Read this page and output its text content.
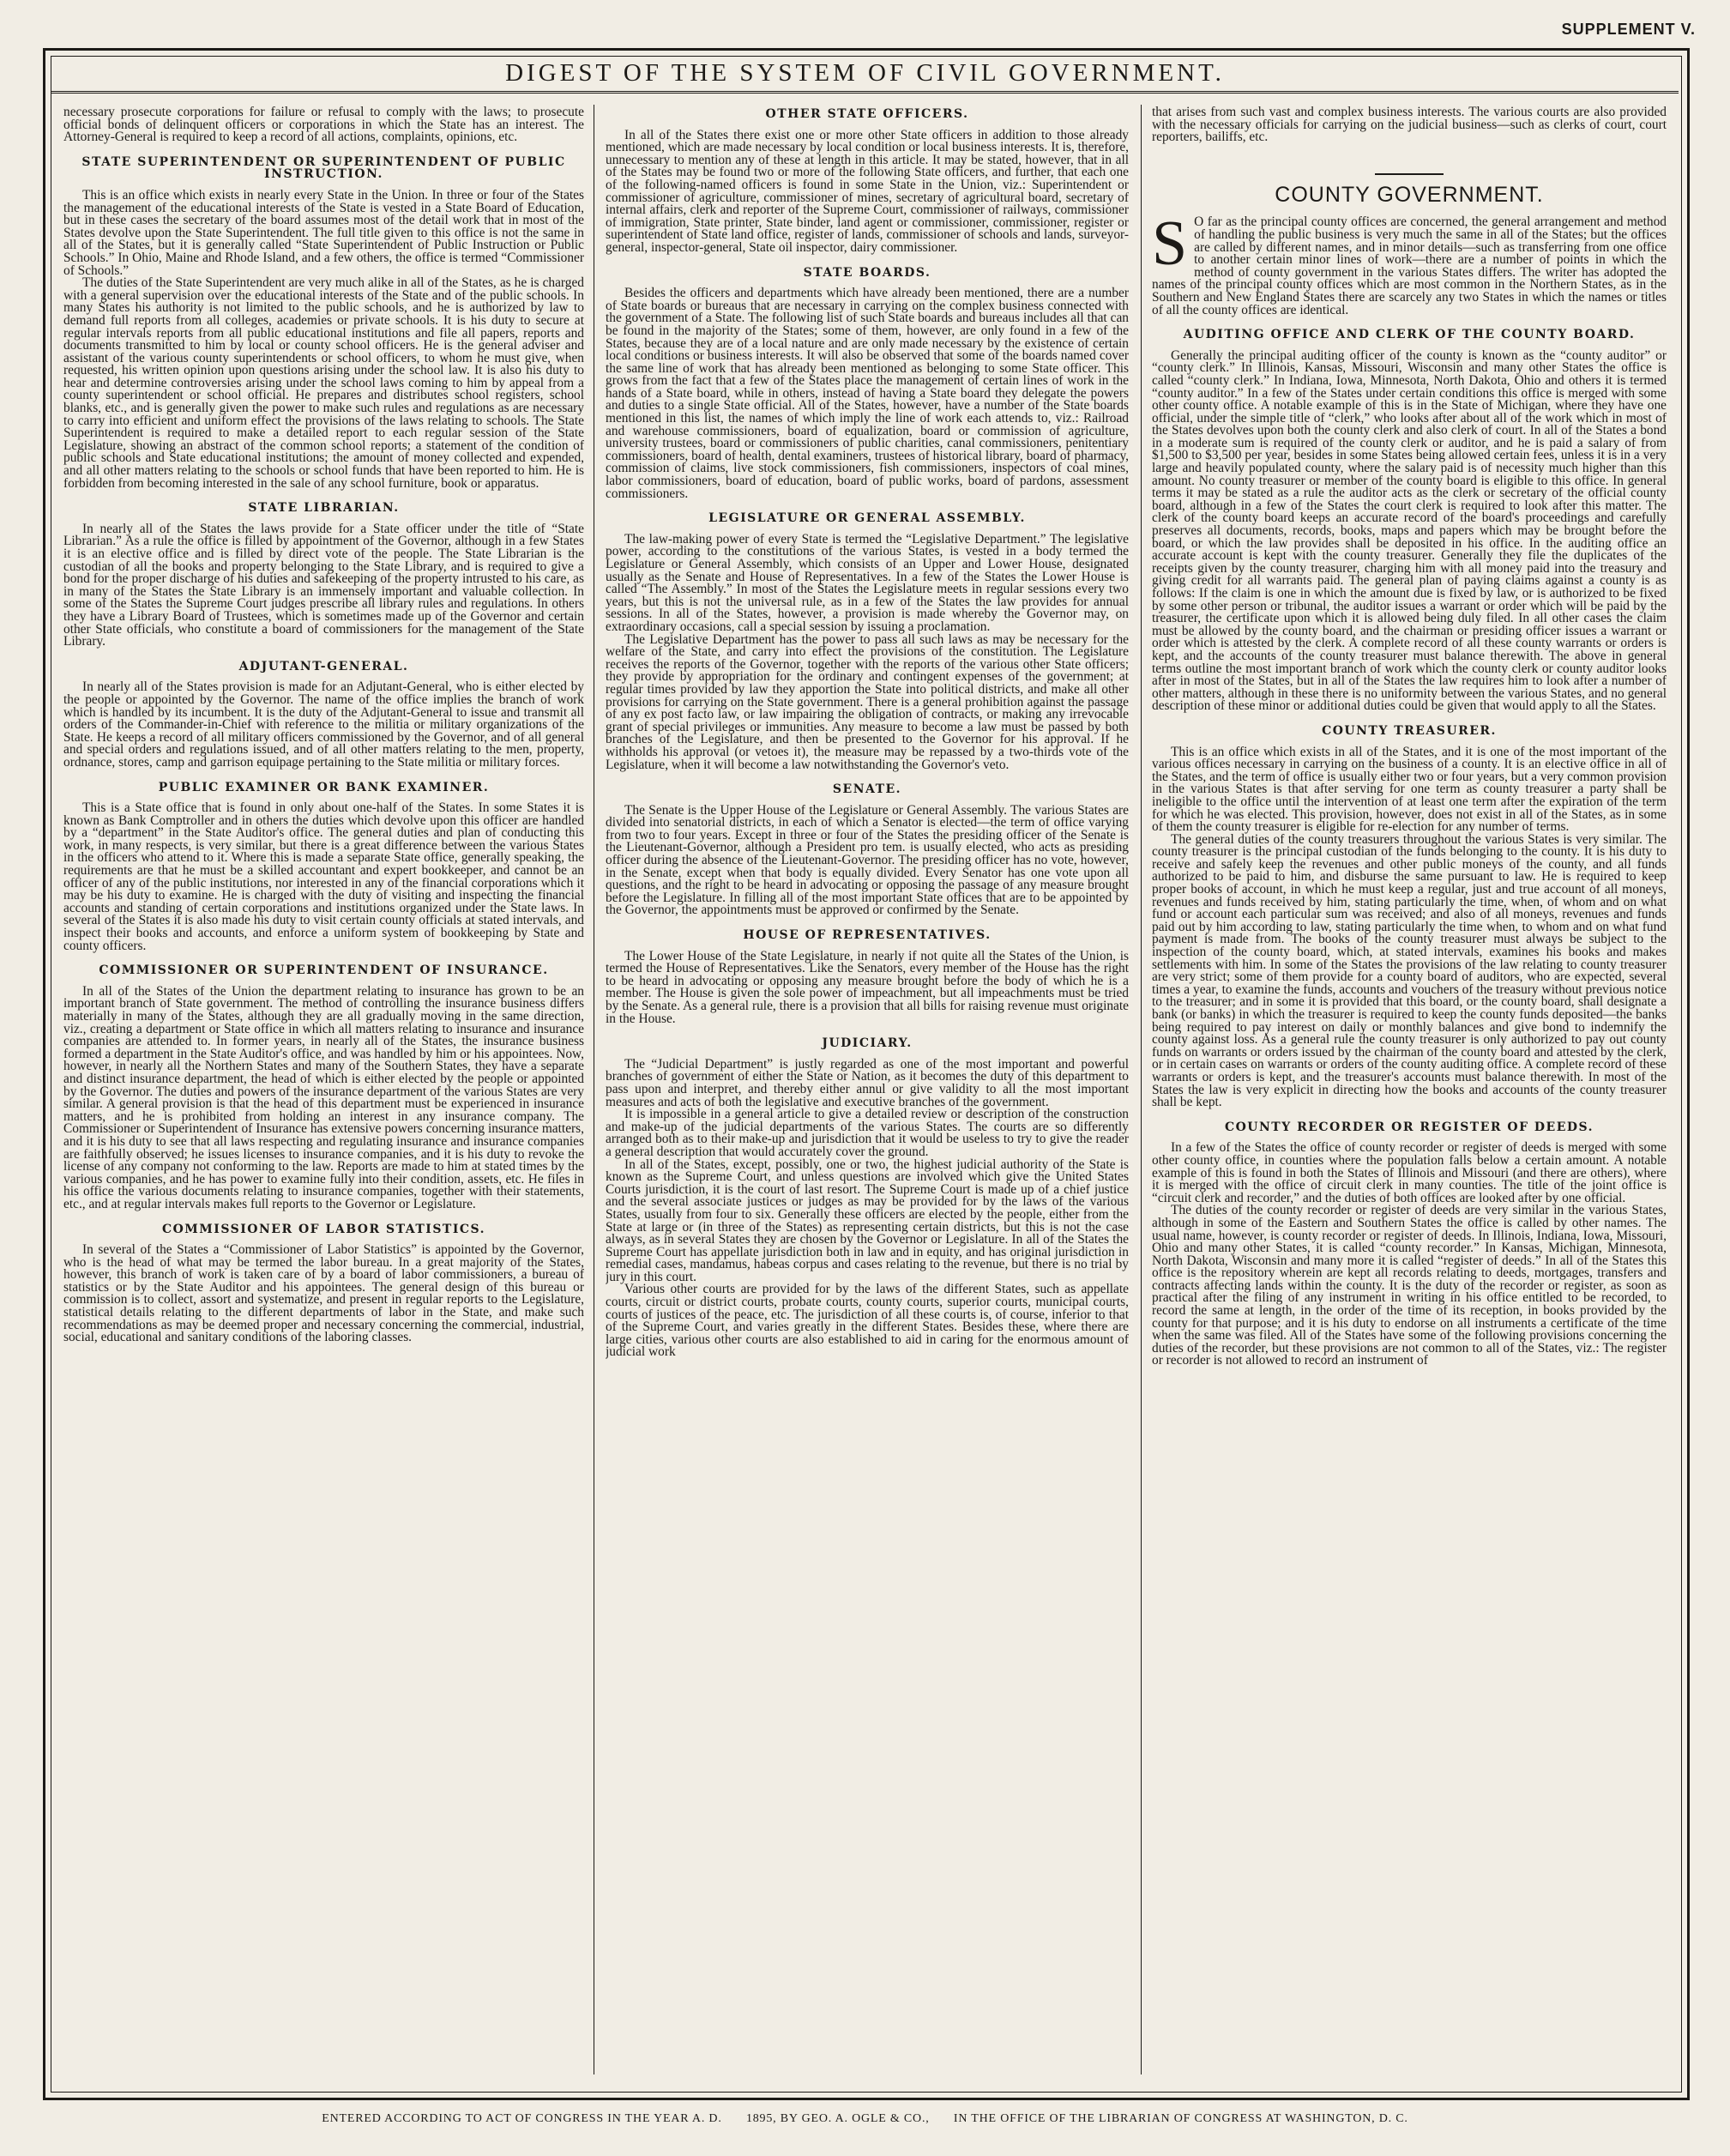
SUPPLEMENT V.
DIGEST OF THE SYSTEM OF CIVIL GOVERNMENT.

necessary prosecute corporations for failure or refusal to comply with the laws; to prosecute official bonds of delinquent officers or corporations in which the State has an interest. The Attorney-General is required to keep a record of all actions, complaints, opinions, etc.

STATE SUPERINTENDENT OR SUPERINTENDENT OF PUBLIC INSTRUCTION.

This is an office which exists in nearly every State in the Union. In three or four of the States the management of the educational interests of the State is vested in a State Board of Education, but in these cases the secretary of the board assumes most of the detail work that in most of the States devolve upon the State Superintendent. The full title given to this office is not the same in all of the States, but it is generally called “State Superintendent of Public Instruction or Public Schools.” In Ohio, Maine and Rhode Island, and a few others, the office is termed “Commissioner of Schools.”

The duties of the State Superintendent are very much alike in all of the States, as he is charged with a general supervision over the educational interests of the State and of the public schools. In many States his authority is not limited to the public schools, and he is authorized by law to demand full reports from all colleges, academies or private schools. It is his duty to secure at regular intervals reports from all public educational institutions and file all papers, reports and documents transmitted to him by local or county school officers. He is the general adviser and assistant of the various county superintendents or school officers, to whom he must give, when requested, his written opinion upon questions arising under the school law. It is also his duty to hear and determine controversies arising under the school laws coming to him by appeal from a county superintendent or school official. He prepares and distributes school registers, school blanks, etc., and is generally given the power to make such rules and regulations as are necessary to carry into efficient and uniform effect the provisions of the laws relating to schools. The State Superintendent is required to make a detailed report to each regular session of the State Legislature, showing an abstract of the common school reports; a statement of the condition of public schools and State educational institutions; the amount of money collected and expended, and all other matters relating to the schools or school funds that have been reported to him. He is forbidden from becoming interested in the sale of any school furniture, book or apparatus.

STATE LIBRARIAN.

In nearly all of the States the laws provide for a State officer under the title of “State Librarian.” As a rule the office is filled by appointment of the Governor, although in a few States it is an elective office and is filled by direct vote of the people. The State Librarian is the custodian of all the books and property belonging to the State Library, and is required to give a bond for the proper discharge of his duties and safekeeping of the property intrusted to his care, as in many of the States the State Library is an immensely important and valuable collection. In some of the States the Supreme Court judges prescribe all library rules and regulations. In others they have a Library Board of Trustees, which is sometimes made up of the Governor and certain other State officials, who constitute a board of commissioners for the management of the State Library.

ADJUTANT-GENERAL.

In nearly all of the States provision is made for an Adjutant-General, who is either elected by the people or appointed by the Governor. The name of the office implies the branch of work which is handled by its incumbent. It is the duty of the Adjutant-General to issue and transmit all orders of the Commander-in-Chief with reference to the militia or military organizations of the State. He keeps a record of all military officers commissioned by the Governor, and of all general and special orders and regulations issued, and of all other matters relating to the men, property, ordnance, stores, camp and garrison equipage pertaining to the State militia or military forces.

PUBLIC EXAMINER OR BANK EXAMINER.

This is a State office that is found in only about one-half of the States. In some States it is known as Bank Comptroller and in others the duties which devolve upon this officer are handled by a “department” in the State Auditor's office. The general duties and plan of conducting this work, in many respects, is very similar, but there is a great difference between the various States in the officers who attend to it. Where this is made a separate State office, generally speaking, the requirements are that he must be a skilled accountant and expert bookkeeper, and cannot be an officer of any of the public institutions, nor interested in any of the financial corporations which it may be his duty to examine. He is charged with the duty of visiting and inspecting the financial accounts and standing of certain corporations and institutions organized under the State laws. In several of the States it is also made his duty to visit certain county officials at stated intervals, and inspect their books and accounts, and enforce a uniform system of bookkeeping by State and county officers.

COMMISSIONER OR SUPERINTENDENT OF INSURANCE.

In all of the States of the Union the department relating to insurance has grown to be an important branch of State government. The method of controlling the insurance business differs materially in many of the States, although they are all gradually moving in the same direction, viz., creating a department or State office in which all matters relating to insurance and insurance companies are attended to. In former years, in nearly all of the States, the insurance business formed a department in the State Auditor's office, and was handled by him or his appointees. Now, however, in nearly all the Northern States and many of the Southern States, they have a separate and distinct insurance department, the head of which is either elected by the people or appointed by the Governor. The duties and powers of the insurance department of the various States are very similar. A general provision is that the head of this department must be experienced in insurance matters, and he is prohibited from holding an interest in any insurance company. The Commissioner or Superintendent of Insurance has extensive powers concerning insurance matters, and it is his duty to see that all laws respecting and regulating insurance and insurance companies are faithfully observed; he issues licenses to insurance companies, and it is his duty to revoke the license of any company not conforming to the law. Reports are made to him at stated times by the various companies, and he has power to examine fully into their condition, assets, etc. He files in his office the various documents relating to insurance companies, together with their statements, etc., and at regular intervals makes full reports to the Governor or Legislature.

COMMISSIONER OF LABOR STATISTICS.

In several of the States a “Commissioner of Labor Statistics” is appointed by the Governor, who is the head of what may be termed the labor bureau. In a great majority of the States, however, this branch of work is taken care of by a board of labor commissioners, a bureau of statistics or by the State Auditor and his appointees. The general design of this bureau or commission is to collect, assort and systematize, and present in regular reports to the Legislature, statistical details relating to the different departments of labor in the State, and make such recommendations as may be deemed proper and necessary concerning the commercial, industrial, social, educational and sanitary conditions of the laboring classes.

OTHER STATE OFFICERS.

In all of the States there exist one or more other State officers in addition to those already mentioned, which are made necessary by local condition or local business interests. It is, therefore, unnecessary to mention any of these at length in this article. It may be stated, however, that in all of the States may be found two or more of the following State officers, and further, that each one of the following-named officers is found in some State in the Union, viz.: Superintendent or commissioner of agriculture, commissioner of mines, secretary of agricultural board, secretary of internal affairs, clerk and reporter of the Supreme Court, commissioner of railways, commissioner of immigration, State printer, State binder, land agent or commissioner, commissioner, register or superintendent of State land office, register of lands, commissioner of schools and lands, surveyor-general, inspector-general, State oil inspector, dairy commissioner.

STATE BOARDS.

Besides the officers and departments which have already been mentioned, there are a number of State boards or bureaus that are necessary in carrying on the complex business connected with the government of a State. The following list of such State boards and bureaus includes all that can be found in the majority of the States; some of them, however, are only found in a few of the States, because they are of a local nature and are only made necessary by the existence of certain local conditions or business interests. It will also be observed that some of the boards named cover the same line of work that has already been mentioned as belonging to some State officer. This grows from the fact that a few of the States place the management of certain lines of work in the hands of a State board, while in others, instead of having a State board they delegate the powers and duties to a single State official. All of the States, however, have a number of the State boards mentioned in this list, the names of which imply the line of work each attends to, viz.: Railroad and warehouse commissioners, board of equalization, board or commission of agriculture, university trustees, board or commissioners of public charities, canal commissioners, penitentiary commissioners, board of health, dental examiners, trustees of historical library, board of pharmacy, commission of claims, live stock commissioners, fish commissioners, inspectors of coal mines, labor commissioners, board of education, board of public works, board of pardons, assessment commissioners.

LEGISLATURE OR GENERAL ASSEMBLY.

The law-making power of every State is termed the “Legislative Department.” The legislative power, according to the constitutions of the various States, is vested in a body termed the Legislature or General Assembly, which consists of an Upper and Lower House, designated usually as the Senate and House of Representatives. In a few of the States the Lower House is called “The Assembly.” In most of the States the Legislature meets in regular sessions every two years, but this is not the universal rule, as in a few of the States the law provides for annual sessions. In all of the States, however, a provision is made whereby the Governor may, on extraordinary occasions, call a special session by issuing a proclamation.

The Legislative Department has the power to pass all such laws as may be necessary for the welfare of the State, and carry into effect the provisions of the constitution. The Legislature receives the reports of the Governor, together with the reports of the various other State officers; they provide by appropriation for the ordinary and contingent expenses of the government; at regular times provided by law they apportion the State into political districts, and make all other provisions for carrying on the State government. There is a general prohibition against the passage of any ex post facto law, or law impairing the obligation of contracts, or making any irrevocable grant of special privileges or immunities. Any measure to become a law must be passed by both branches of the Legislature, and then be presented to the Governor for his approval. If he withholds his approval (or vetoes it), the measure may be repassed by a two-thirds vote of the Legislature, when it will become a law notwithstanding the Governor's veto.

SENATE.

The Senate is the Upper House of the Legislature or General Assembly. The various States are divided into senatorial districts, in each of which a Senator is elected—the term of office varying from two to four years. Except in three or four of the States the presiding officer of the Senate is the Lieutenant-Governor, although a President pro tem. is usually elected, who acts as presiding officer during the absence of the Lieutenant-Governor. The presiding officer has no vote, however, in the Senate, except when that body is equally divided. Every Senator has one vote upon all questions, and the right to be heard in advocating or opposing the passage of any measure brought before the Legislature. In filling all of the most important State offices that are to be appointed by the Governor, the appointments must be approved or confirmed by the Senate.

HOUSE OF REPRESENTATIVES.

The Lower House of the State Legislature, in nearly if not quite all the States of the Union, is termed the House of Representatives. Like the Senators, every member of the House has the right to be heard in advocating or opposing any measure brought before the body of which he is a member. The House is given the sole power of impeachment, but all impeachments must be tried by the Senate. As a general rule, there is a provision that all bills for raising revenue must originate in the House.

JUDICIARY.

The “Judicial Department” is justly regarded as one of the most important and powerful branches of government of either the State or Nation, as it becomes the duty of this department to pass upon and interpret, and thereby either annul or give validity to all the most important measures and acts of both the legislative and executive branches of the government.

It is impossible in a general article to give a detailed review or description of the construction and make-up of the judicial departments of the various States. The courts are so differently arranged both as to their make-up and jurisdiction that it would be useless to try to give the reader a general description that would accurately cover the ground.

In all of the States, except, possibly, one or two, the highest judicial authority of the State is known as the Supreme Court, and unless questions are involved which give the United States Courts jurisdiction, it is the court of last resort. The Supreme Court is made up of a chief justice and the several associate justices or judges as may be provided for by the laws of the various States, usually from four to six. Generally these officers are elected by the people, either from the State at large or (in three of the States) as representing certain districts, but this is not the case always, as in several States they are chosen by the Governor or Legislature. In all of the States the Supreme Court has appellate jurisdiction both in law and in equity, and has original jurisdiction in remedial cases, mandamus, habeas corpus and cases relating to the revenue, but there is no trial by jury in this court.

Various other courts are provided for by the laws of the different States, such as appellate courts, circuit or district courts, probate courts, county courts, superior courts, municipal courts, courts of justices of the peace, etc. The jurisdiction of all these courts is, of course, inferior to that of the Supreme Court, and varies greatly in the different States. Besides these, where there are large cities, various other courts are also established to aid in caring for the enormous amount of judicial work

that arises from such vast and complex business interests. The various courts are also provided with the necessary officials for carrying on the judicial business—such as clerks of court, court reporters, bailiffs, etc.

COUNTY GOVERNMENT.
S O far as the principal county offices are concerned, the general arrangement and method of handling the public business is very much the same in all of the States; but the offices are called by different names, and in minor details—such as transferring from one office to another certain minor lines of work—there are a number of points in which the method of county government in the various States differs. The writer has adopted the names of the principal county offices which are most common in the Northern States, as in the Southern and New England States there are scarcely any two States in which the names or titles of all the county offices are identical.
AUDITING OFFICE AND CLERK OF THE COUNTY BOARD.

Generally the principal auditing officer of the county is known as the “county auditor” or “county clerk.” In Illinois, Kansas, Missouri, Wisconsin and many other States the office is called “county clerk.” In Indiana, Iowa, Minnesota, North Dakota, Ohio and others it is termed “county auditor.” In a few of the States under certain conditions this office is merged with some other county office. A notable example of this is in the State of Michigan, where they have one official, under the simple title of “clerk,” who looks after about all of the work which in most of the States devolves upon both the county clerk and also clerk of court. In all of the States a bond in a moderate sum is required of the county clerk or auditor, and he is paid a salary of from $1,500 to $3,500 per year, besides in some States being allowed certain fees, unless it is in a very large and heavily populated county, where the salary paid is of necessity much higher than this amount. No county treasurer or member of the county board is eligible to this office. In general terms it may be stated as a rule the auditor acts as the clerk or secretary of the official county board, although in a few of the States the court clerk is required to look after this matter. The clerk of the county board keeps an accurate record of the board's proceedings and carefully preserves all documents, records, books, maps and papers which may be brought before the board, or which the law provides shall be deposited in his office. In the auditing office an accurate account is kept with the county treasurer. Generally they file the duplicates of the receipts given by the county treasurer, charging him with all money paid into the treasury and giving credit for all warrants paid. The general plan of paying claims against a county is as follows: If the claim is one in which the amount due is fixed by law, or is authorized to be fixed by some other person or tribunal, the auditor issues a warrant or order which will be paid by the treasurer, the certificate upon which it is allowed being duly filed. In all other cases the claim must be allowed by the county board, and the chairman or presiding officer issues a warrant or order which is attested by the clerk. A complete record of all these county warrants or orders is kept, and the accounts of the county treasurer must balance therewith. The above in general terms outline the most important branch of work which the county clerk or county auditor looks after in most of the States, but in all of the States the law requires him to look after a number of other matters, although in these there is no uniformity between the various States, and no general description of these minor or additional duties could be given that would apply to all the States.

COUNTY TREASURER.

This is an office which exists in all of the States, and it is one of the most important of the various offices necessary in carrying on the business of a county. It is an elective office in all of the States, and the term of office is usually either two or four years, but a very common provision in the various States is that after serving for one term as county treasurer a party shall be ineligible to the office until the intervention of at least one term after the expiration of the term for which he was elected. This provision, however, does not exist in all of the States, as in some of them the county treasurer is eligible for re-election for any number of terms.

The general duties of the county treasurers throughout the various States is very similar. The county treasurer is the principal custodian of the funds belonging to the county. It is his duty to receive and safely keep the revenues and other public moneys of the county, and all funds authorized to be paid to him, and disburse the same pursuant to law. He is required to keep proper books of account, in which he must keep a regular, just and true account of all moneys, revenues and funds received by him, stating particularly the time, when, of whom and on what fund or account each particular sum was received; and also of all moneys, revenues and funds paid out by him according to law, stating particularly the time when, to whom and on what fund payment is made from. The books of the county treasurer must always be subject to the inspection of the county board, which, at stated intervals, examines his books and makes settlements with him. In some of the States the provisions of the law relating to county treasurer are very strict; some of them provide for a county board of auditors, who are expected, several times a year, to examine the funds, accounts and vouchers of the treasury without previous notice to the treasurer; and in some it is provided that this board, or the county board, shall designate a bank (or banks) in which the treasurer is required to keep the county funds deposited—the banks being required to pay interest on daily or monthly balances and give bond to indemnify the county against loss. As a general rule the county treasurer is only authorized to pay out county funds on warrants or orders issued by the chairman of the county board and attested by the clerk, or in certain cases on warrants or orders of the county auditing office. A complete record of these warrants or orders is kept, and the treasurer's accounts must balance therewith. In most of the States the law is very explicit in directing how the books and accounts of the county treasurer shall be kept.

COUNTY RECORDER OR REGISTER OF DEEDS.

In a few of the States the office of county recorder or register of deeds is merged with some other county office, in counties where the population falls below a certain amount. A notable example of this is found in both the States of Illinois and Missouri (and there are others), where it is merged with the office of circuit clerk in many counties. The title of the joint office is “circuit clerk and recorder,” and the duties of both offices are looked after by one official.

The duties of the county recorder or register of deeds are very similar in the various States, although in some of the Eastern and Southern States the office is called by other names. The usual name, however, is county recorder or register of deeds. In Illinois, Indiana, Iowa, Missouri, Ohio and many other States, it is called “county recorder.” In Kansas, Michigan, Minnesota, North Dakota, Wisconsin and many more it is called “register of deeds.” In all of the States this office is the repository wherein are kept all records relating to deeds, mortgages, transfers and contracts affecting lands within the county. It is the duty of the recorder or register, as soon as practical after the filing of any instrument in writing in his office entitled to be recorded, to record the same at length, in the order of the time of its reception, in books provided by the county for that purpose; and it is his duty to endorse on all instruments a certificate of the time when the same was filed. All of the States have some of the following provisions concerning the duties of the recorder, but these provisions are not common to all of the States, viz.: The register or recorder is not allowed to record an instrument of

ENTERED ACCORDING TO ACT OF CONGRESS IN THE YEAR A. D. 1895, BY GEO. A. OGLE & CO., IN THE OFFICE OF THE LIBRARIAN OF CONGRESS AT WASHINGTON, D. C.
